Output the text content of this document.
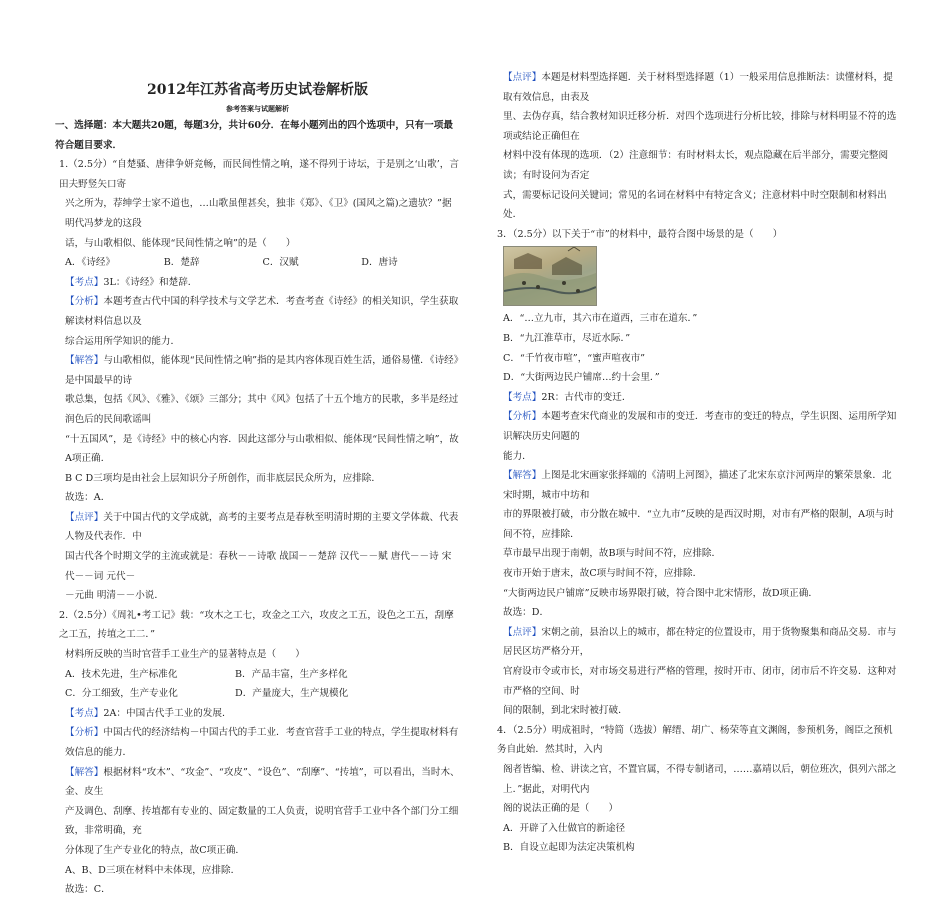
2012年江苏省高考历史试卷解析版
参考答案与试题解析
一、选择题：本大题共20题，每题3分，共计60分．在每小题列出的四个选项中，只有一项最符合题目要求．
1.（2.5分）“自楚骚、唐律争妍竞畅，而民间性情之响，遂不得列于诗坛，于是别之‘山歌’，言田夫野竖矢口寄
兴之所为，荐绅学士家不道也，…山歌虽俚甚矣，独非《郑》、《卫》(国风之篇)之遗欤？”据明代冯梦龙的这段
话，与山歌相似、能体现“民间性情之响”的是（　　）
A．《诗经》	B．楚辞	C．汉赋	D．唐诗
【考点】3L：《诗经》和楚辞．
【分析】本题考查古代中国的科学技术与文学艺术．考查考查《诗经》的相关知识，学生获取解读材料信息以及
综合运用所学知识的能力．
【解答】与山歌相似，能体现“民间性情之响”指的是其内容体现百姓生活，通俗易懂．《诗经》是中国最早的诗
歌总集，包括《风》、《雅》、《颂》三部分；其中《风》包括了十五个地方的民歌，多半是经过润色后的民间歌谣叫
“十五国风”，是《诗经》中的核心内容．因此这部分与山歌相似、能体现“民间性情之响”，故A项正确．
B C D三项均是由社会上层知识分子所创作，而非底层民众所为，应排除．
故选：A．
【点评】关于中国古代的文学成就，高考的主要考点是春秋至明清时期的主要文学体裁、代表人物及代表作．中
国古代各个时期文学的主流或就是：春秋－－诗歌 战国－－楚辞 汉代－－赋 唐代－－诗 宋代－－词 元代－
－元曲 明清－－小说．
2.（2.5分）《周礼•考工记》载：“攻木之工七，攻金之工六，攻皮之工五，设色之工五，刮摩之工五，抟埴之工二．”
材料所反映的当时官营手工业生产的显著特点是（　　）
A．技术先进，生产标准化	B．产品丰富，生产多样化
C．分工细致，生产专业化	D．产量庞大，生产规模化
【考点】2A：中国古代手工业的发展．
【分析】中国古代的经济结构－中国古代的手工业．考查官营手工业的特点，学生提取材料有效信息的能力．
【解答】根据材料“攻木”、“攻金”、“攻皮”、“设色”、“刮摩”、“抟埴”，可以看出，当时木、金、皮生
产及调色、刮摩、抟埴都有专业的、固定数量的工人负责，说明官营手工业中各个部门分工细致，非常明确，充
分体现了生产专业化的特点，故C项正确．
A、B、D三项在材料中未体现，应排除．
故选：C．
【点评】本题是材料型选择题．关于材料型选择题（1）一般采用信息推断法：读懂材料，提取有效信息，由表及
里、去伪存真，结合教材知识迁移分析．对四个选项进行分析比较，排除与材料明显不符的选项或结论正确但在
材料中没有体现的选项．（2）注意细节：有时材料太长，观点隐藏在后半部分，需要完整阅读；有时设问为否定
式，需要标记设问关键词；常见的名词在材料中有特定含义；注意材料中时空限制和材料出处．
3．（2.5分）以下关于“市”的材料中，最符合图中场景的是（　　）
A．“…立九市，其六市在道西，三市在道东．”
B．“九江淮草市，尽近水际．”
C．“千竹夜市喧”，“蜜声喧夜市”
D．“大街两边民户铺席…约十会里．”
【考点】2R：古代市的变迁．
【分析】本题考查宋代商业的发展和市的变迁．考查市的变迁的特点，学生识图、运用所学知识解决历史问题的
能力．
【解答】上图是北宋画家张择端的《清明上河图》，描述了北宋东京汴河两岸的繁荣景象．北宋时期，城市中坊和
市的界限被打破，市分散在城中．“立九市”反映的是西汉时期，对市有严格的限制，A项与时间不符，应排除．
草市最早出现于南朝，故B项与时间不符，应排除．
夜市开始于唐末，故C项与时间不符，应排除．
“大街两边民户铺席”反映市场界限打破，符合图中北宋情形，故D项正确．
故选：D．
【点评】宋朝之前，县治以上的城市，都在特定的位置设市，用于货物聚集和商品交易．市与居民区坊严格分开，
官府设市令或市长，对市场交易进行严格的管理，按时开市、闭市，闭市后不许交易．这种对市严格的空间、时
间的限制，到北宋时被打破．
4．（2.5分）明成祖时，“特简（选拔）解缙、胡广、杨荣等直文渊阁，参预机务，阁臣之预机务自此始．然其时，入内
阁者皆编、检、讲读之官，不置官属，不得专制诸司，……嘉靖以后，朝位班次，俱列六部之上．”据此，对明代内
阁的说法正确的是（　　）
A．开辟了入仕做官的新途径
B．自设立起即为法定决策机构
